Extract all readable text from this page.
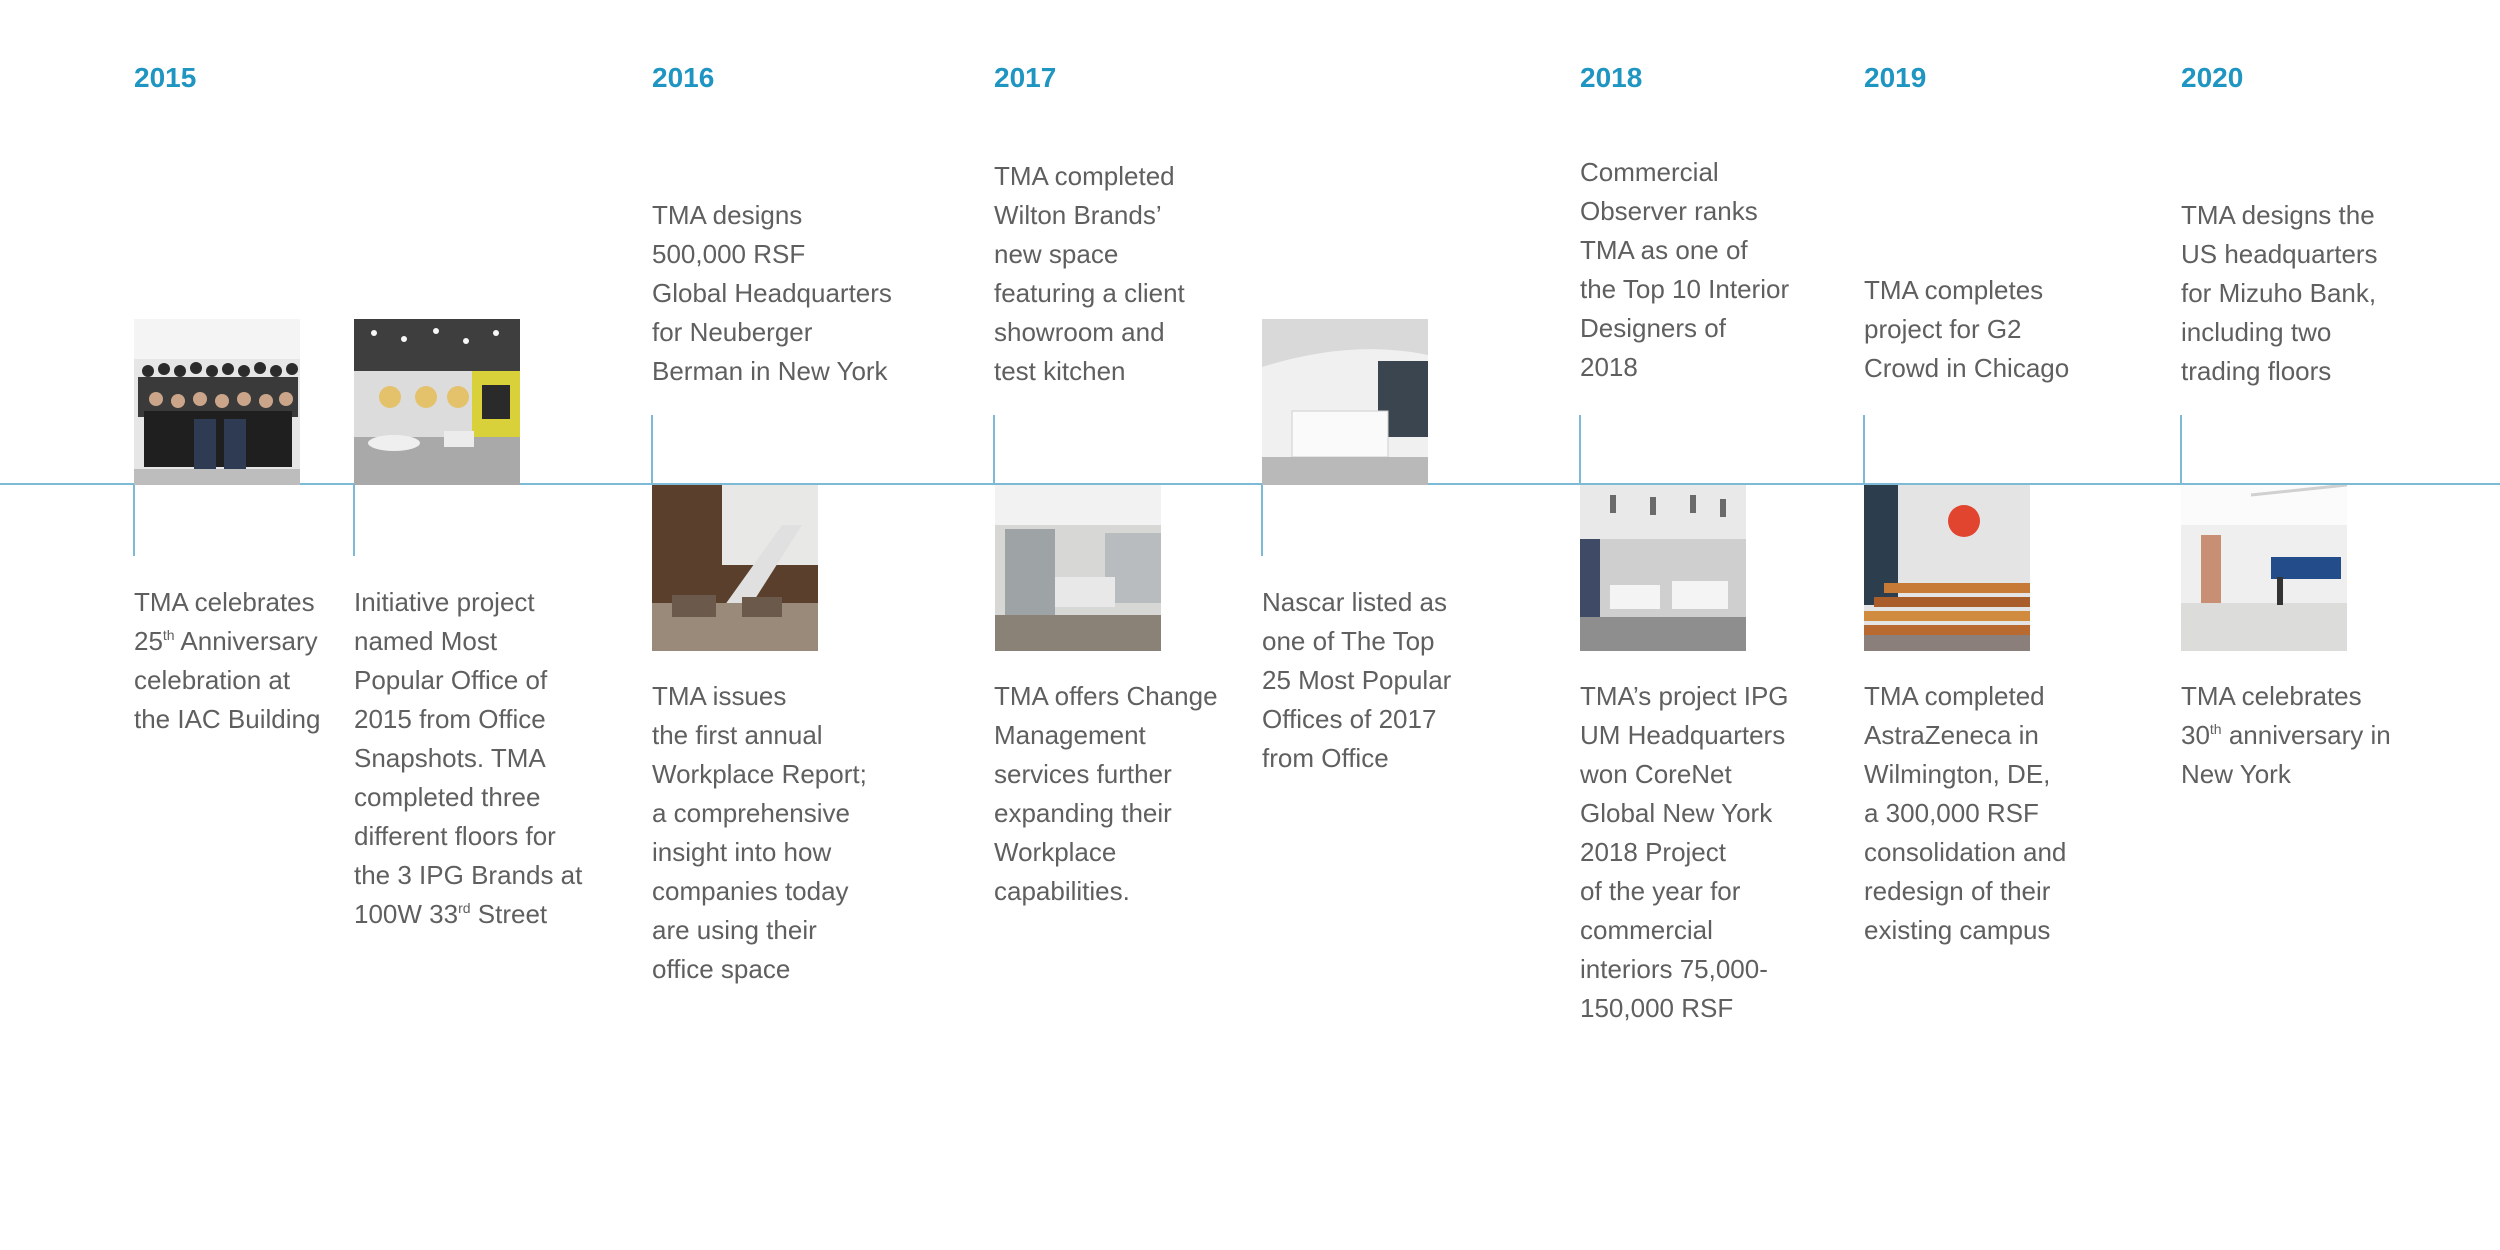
2015	2016	2017	2018	2019	2020

TMA designs
500,000 RSF
Global Headquarters
for Neuberger
Berman in New York

TMA completed
Wilton Brands’
new space
featuring a client
showroom and
test kitchen

Commercial
Observer ranks
TMA as one of
the Top 10 Interior
Designers of
2018

TMA completes
project for G2
Crowd in Chicago

TMA designs the
US headquarters
for Mizuho Bank,
including two
trading floors

TMA celebrates
25th Anniversary
celebration at
the IAC Building

Initiative project
named Most
Popular Office of
2015 from Office
Snapshots. TMA
completed three
different floors for
the 3 IPG Brands at
100W 33rd Street

TMA issues
the first annual
Workplace Report;
a comprehensive
insight into how
companies today
are using their
office space

TMA offers Change
Management
services further
expanding their
Workplace
capabilities.

Nascar listed as
one of The Top
25 Most Popular
Offices of 2017
from Office

TMA’s project IPG
UM Headquarters
won CoreNet
Global New York
2018 Project
of the year for
commercial
interiors 75,000-
150,000 RSF

TMA completed
AstraZeneca in
Wilmington, DE,
a 300,000 RSF
consolidation and
redesign of their
existing campus

TMA celebrates
30th anniversary in
New York
